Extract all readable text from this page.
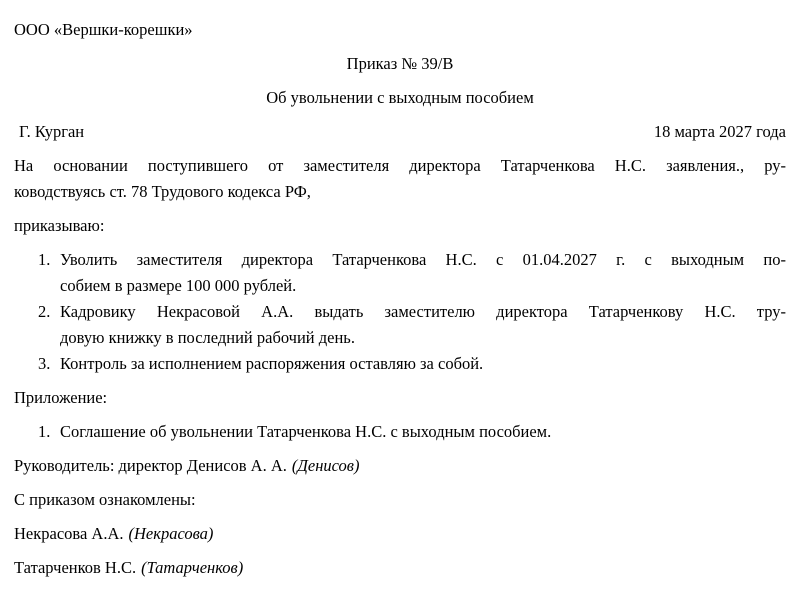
ООО «Вершки-корешки»

Приказ № 39/В

Об увольнении с выходным пособием

Г. Курган	18 марта 2027 года
На основании поступившего от заместителя директора Татарченкова Н.С. заявления., ру-
ководствуясь ст. 78 Трудового кодекса РФ,

приказываю:

1. Уволить заместителя директора Татарченкова Н.С. с 01.04.2027 г. с выходным по-
собием в размере 100 000 рублей.
2. Кадровику Некрасовой А.А. выдать заместителю директора Татарченкову Н.С. тру-
довую книжку в последний рабочий день.
3. Контроль за исполнением распоряжения оставляю за собой.

Приложение:

1. Соглашение об увольнении Татарченкова Н.С. с выходным пособием.

Руководитель: директор Денисов А. А. (Денисов)

С приказом ознакомлены:

Некрасова А.А. (Некрасова)

Татарченков Н.С. (Татарченков)
